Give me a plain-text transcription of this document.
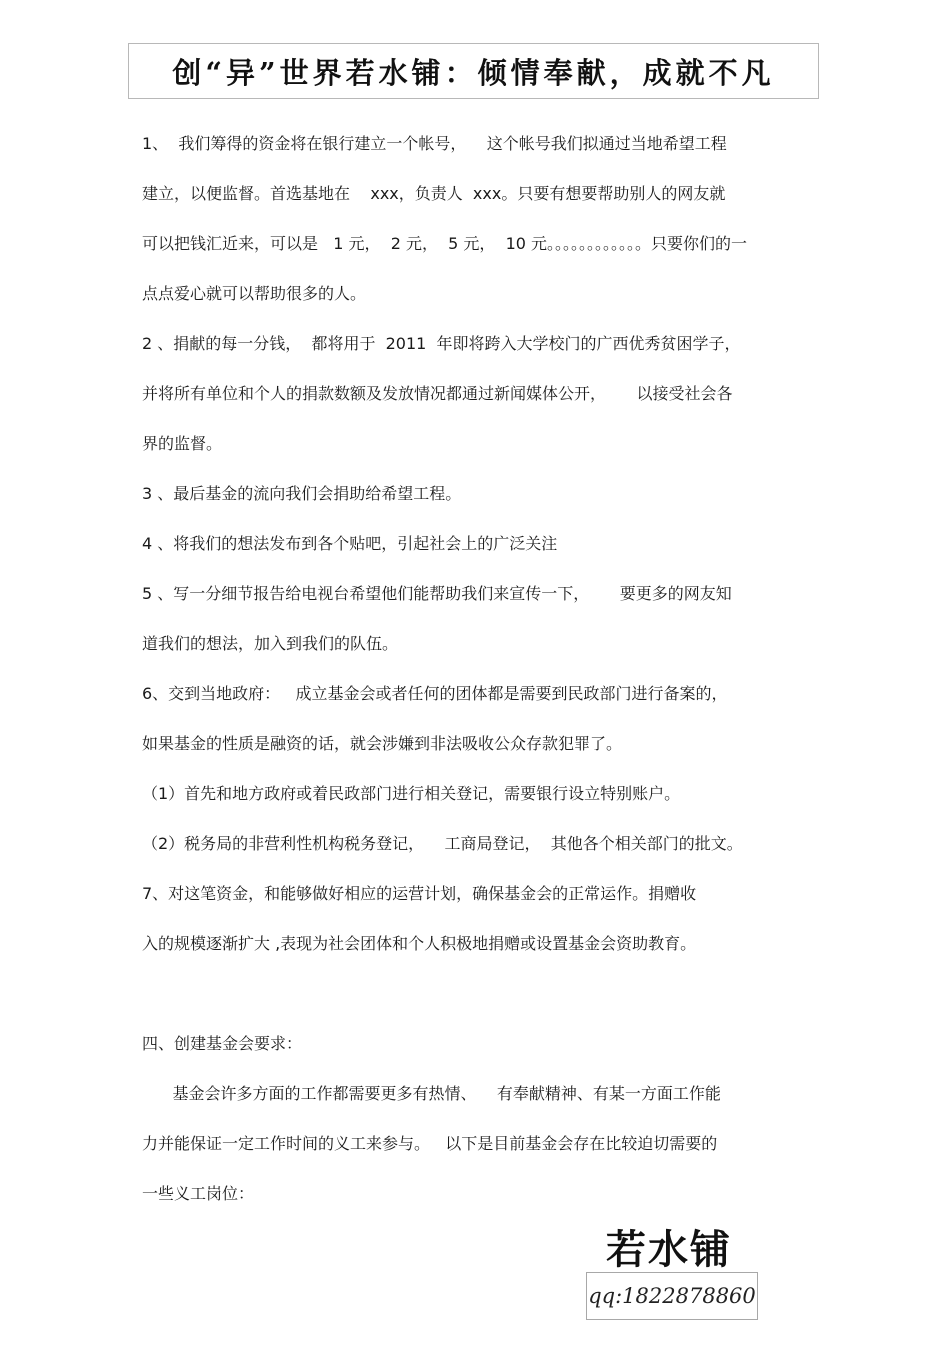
创“异”世界若水铺：倾情奉献，成就不凡
1、  我们筹得的资金将在银行建立一个帐号，    这个帐号我们拟通过当地希望工程
建立，以便监督。首选基地在    xxx，负责人  xxx。只要有想要帮助别人的网友就
可以把钱汇近来，可以是   1 元，  2 元，  5 元，  10 元。。。。。。。。。。。。只要你们的一
点点爱心就可以帮助很多的人。
2 、捐献的每一分钱，  都将用于  2011  年即将跨入大学校门的广西优秀贫困学子，
并将所有单位和个人的捐款数额及发放情况都通过新闻媒体公开，      以接受社会各
界的监督。
3 、最后基金的流向我们会捐助给希望工程。
4 、将我们的想法发布到各个贴吧，引起社会上的广泛关注
5 、写一分细节报告给电视台希望他们能帮助我们来宣传一下，      要更多的网友知
道我们的想法，加入到我们的队伍。
6、交到当地政府：   成立基金会或者任何的团体都是需要到民政部门进行备案的，
如果基金的性质是融资的话，就会涉嫌到非法吸收公众存款犯罪了。
（1）首先和地方政府或着民政部门进行相关登记，需要银行设立特别账户。
（2）税务局的非营利性机构税务登记，    工商局登记，  其他各个相关部门的批文。
7、对这笔资金，和能够做好相应的运营计划，确保基金会的正常运作。捐赠收
入的规模逐渐扩大 ,表现为社会团体和个人积极地捐赠或设置基金会资助教育。
四、创建基金会要求：
基金会许多方面的工作都需要更多有热情、    有奉献精神、有某一方面工作能
力并能保证一定工作时间的义工来参与。   以下是目前基金会存在比较迫切需要的
一些义工岗位：
若水铺
qq:1822878860
